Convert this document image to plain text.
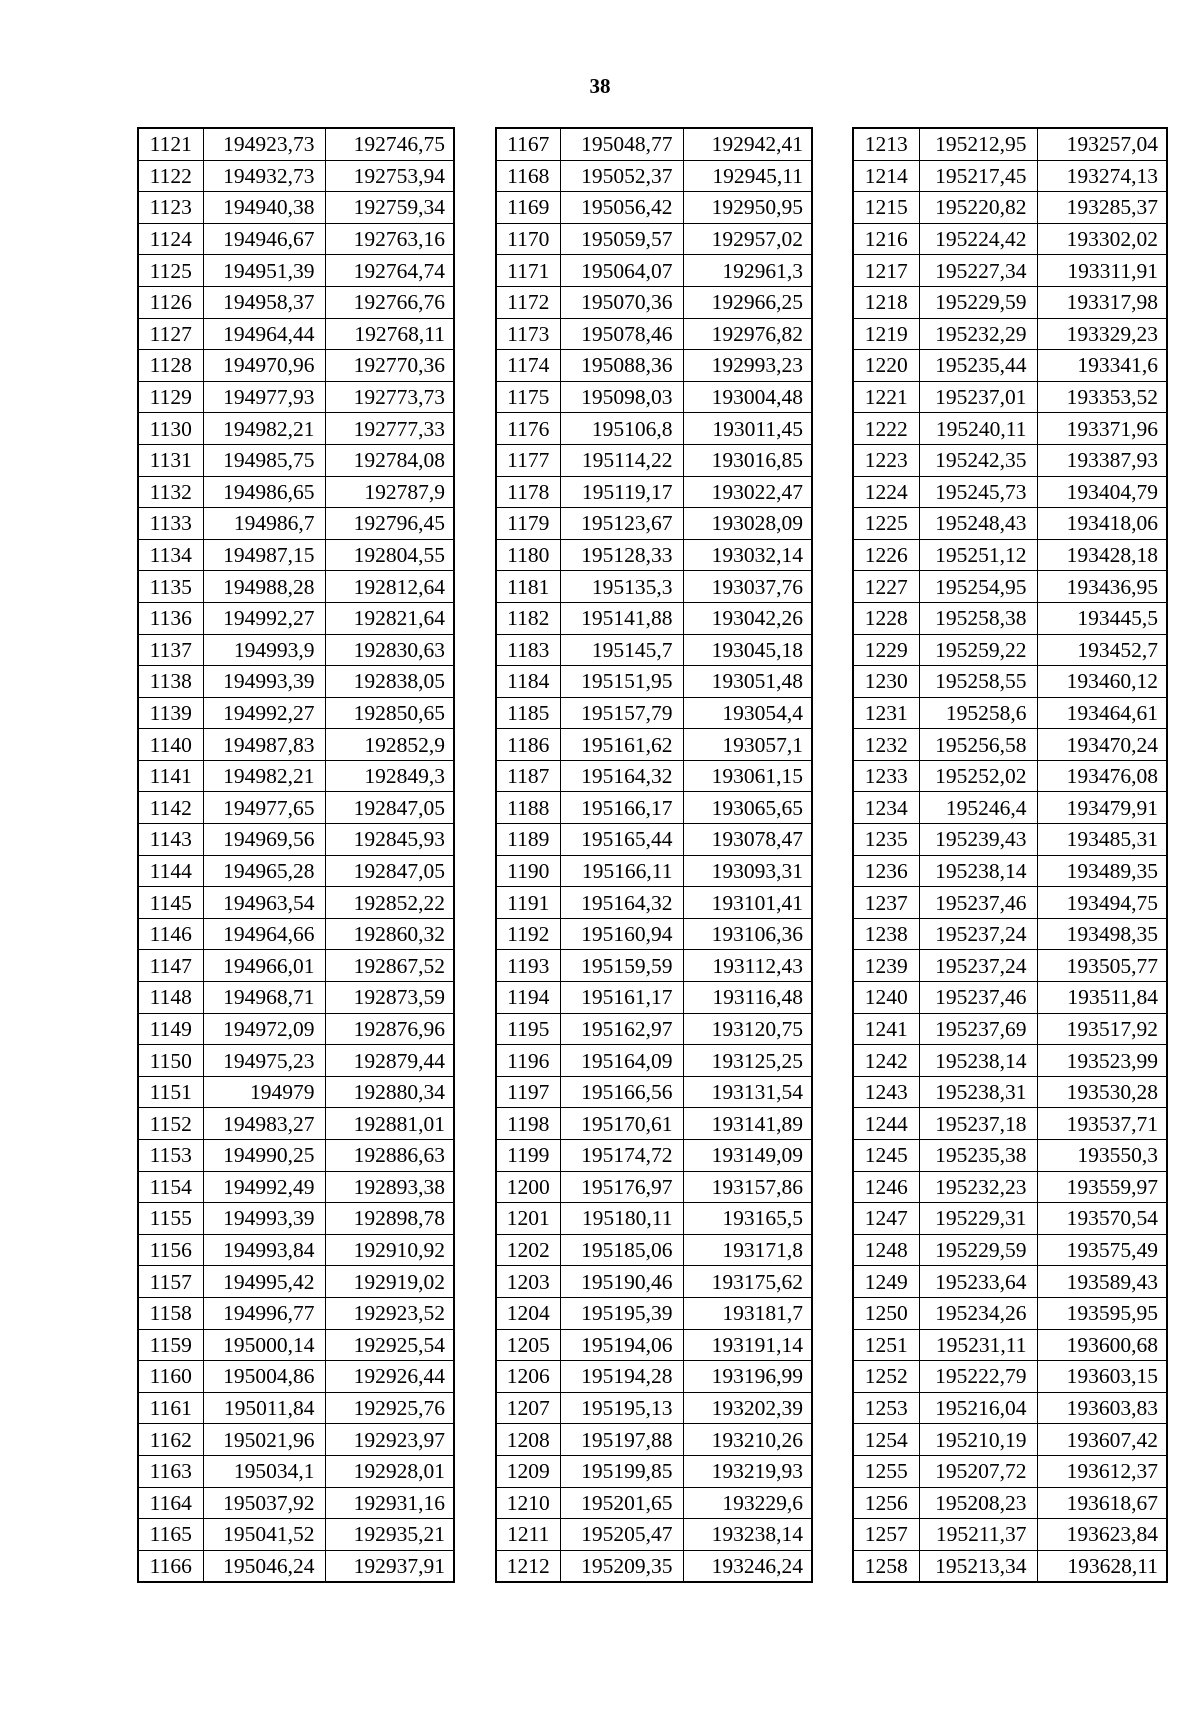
38
1121	194923,73	192746,75
1122	194932,73	192753,94
1123	194940,38	192759,34
1124	194946,67	192763,16
1125	194951,39	192764,74
1126	194958,37	192766,76
1127	194964,44	192768,11
1128	194970,96	192770,36
1129	194977,93	192773,73
1130	194982,21	192777,33
1131	194985,75	192784,08
1132	194986,65	192787,9
1133	194986,7	192796,45
1134	194987,15	192804,55
1135	194988,28	192812,64
1136	194992,27	192821,64
1137	194993,9	192830,63
1138	194993,39	192838,05
1139	194992,27	192850,65
1140	194987,83	192852,9
1141	194982,21	192849,3
1142	194977,65	192847,05
1143	194969,56	192845,93
1144	194965,28	192847,05
1145	194963,54	192852,22
1146	194964,66	192860,32
1147	194966,01	192867,52
1148	194968,71	192873,59
1149	194972,09	192876,96
1150	194975,23	192879,44
1151	194979	192880,34
1152	194983,27	192881,01
1153	194990,25	192886,63
1154	194992,49	192893,38
1155	194993,39	192898,78
1156	194993,84	192910,92
1157	194995,42	192919,02
1158	194996,77	192923,52
1159	195000,14	192925,54
1160	195004,86	192926,44
1161	195011,84	192925,76
1162	195021,96	192923,97
1163	195034,1	192928,01
1164	195037,92	192931,16
1165	195041,52	192935,21
1166	195046,24	192937,91
1167	195048,77	192942,41
1168	195052,37	192945,11
1169	195056,42	192950,95
1170	195059,57	192957,02
1171	195064,07	192961,3
1172	195070,36	192966,25
1173	195078,46	192976,82
1174	195088,36	192993,23
1175	195098,03	193004,48
1176	195106,8	193011,45
1177	195114,22	193016,85
1178	195119,17	193022,47
1179	195123,67	193028,09
1180	195128,33	193032,14
1181	195135,3	193037,76
1182	195141,88	193042,26
1183	195145,7	193045,18
1184	195151,95	193051,48
1185	195157,79	193054,4
1186	195161,62	193057,1
1187	195164,32	193061,15
1188	195166,17	193065,65
1189	195165,44	193078,47
1190	195166,11	193093,31
1191	195164,32	193101,41
1192	195160,94	193106,36
1193	195159,59	193112,43
1194	195161,17	193116,48
1195	195162,97	193120,75
1196	195164,09	193125,25
1197	195166,56	193131,54
1198	195170,61	193141,89
1199	195174,72	193149,09
1200	195176,97	193157,86
1201	195180,11	193165,5
1202	195185,06	193171,8
1203	195190,46	193175,62
1204	195195,39	193181,7
1205	195194,06	193191,14
1206	195194,28	193196,99
1207	195195,13	193202,39
1208	195197,88	193210,26
1209	195199,85	193219,93
1210	195201,65	193229,6
1211	195205,47	193238,14
1212	195209,35	193246,24
1213	195212,95	193257,04
1214	195217,45	193274,13
1215	195220,82	193285,37
1216	195224,42	193302,02
1217	195227,34	193311,91
1218	195229,59	193317,98
1219	195232,29	193329,23
1220	195235,44	193341,6
1221	195237,01	193353,52
1222	195240,11	193371,96
1223	195242,35	193387,93
1224	195245,73	193404,79
1225	195248,43	193418,06
1226	195251,12	193428,18
1227	195254,95	193436,95
1228	195258,38	193445,5
1229	195259,22	193452,7
1230	195258,55	193460,12
1231	195258,6	193464,61
1232	195256,58	193470,24
1233	195252,02	193476,08
1234	195246,4	193479,91
1235	195239,43	193485,31
1236	195238,14	193489,35
1237	195237,46	193494,75
1238	195237,24	193498,35
1239	195237,24	193505,77
1240	195237,46	193511,84
1241	195237,69	193517,92
1242	195238,14	193523,99
1243	195238,31	193530,28
1244	195237,18	193537,71
1245	195235,38	193550,3
1246	195232,23	193559,97
1247	195229,31	193570,54
1248	195229,59	193575,49
1249	195233,64	193589,43
1250	195234,26	193595,95
1251	195231,11	193600,68
1252	195222,79	193603,15
1253	195216,04	193603,83
1254	195210,19	193607,42
1255	195207,72	193612,37
1256	195208,23	193618,67
1257	195211,37	193623,84
1258	195213,34	193628,11
